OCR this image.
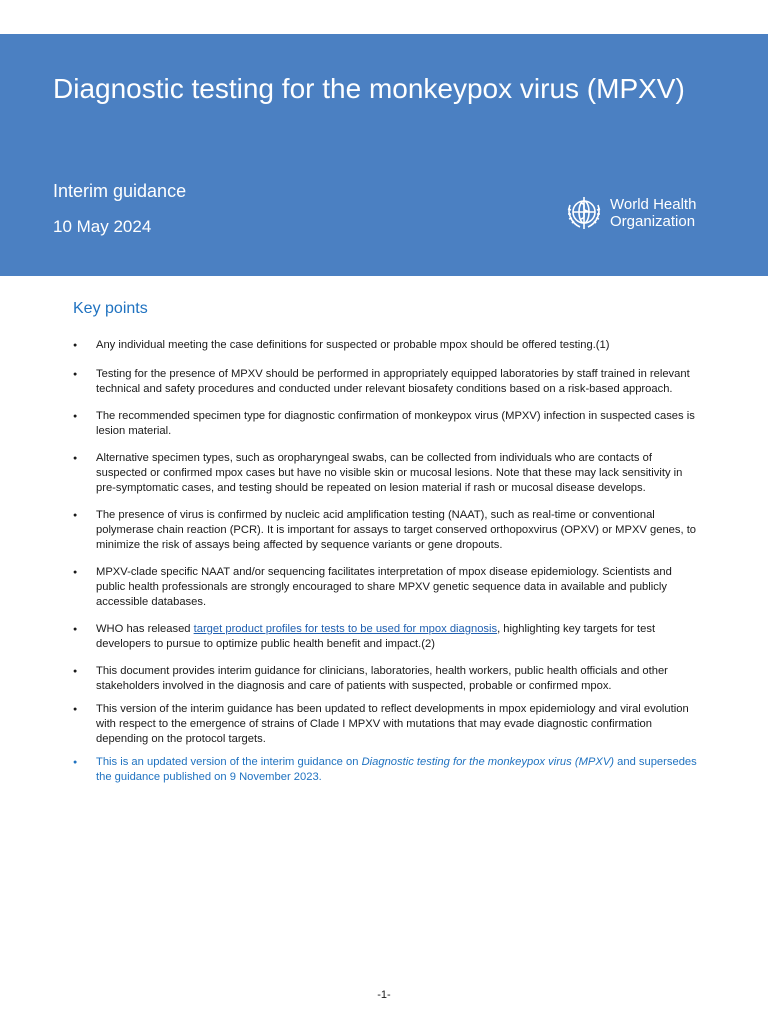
Diagnostic testing for the monkeypox virus (MPXV)
Interim guidance
10 May 2024
World Health
Organization
Key points
● Any individual meeting the case definitions for suspected or probable mpox should be offered testing.(1)
● Testing for the presence of MPXV should be performed in appropriately equipped laboratories by staff trained in relevant technical and safety procedures and conducted under relevant biosafety conditions based on a risk-based approach.
● The recommended specimen type for diagnostic confirmation of monkeypox virus (MPXV) infection in suspected cases is lesion material.
● Alternative specimen types, such as oropharyngeal swabs, can be collected from individuals who are contacts of suspected or confirmed mpox cases but have no visible skin or mucosal lesions. Note that these may lack sensitivity in pre-symptomatic cases, and testing should be repeated on lesion material if rash or mucosal disease develops.
● The presence of virus is confirmed by nucleic acid amplification testing (NAAT), such as real-time or conventional polymerase chain reaction (PCR). It is important for assays to target conserved orthopoxvirus (OPXV) or MPXV genes, to minimize the risk of assays being affected by sequence variants or gene dropouts.
● MPXV-clade specific NAAT and/or sequencing facilitates interpretation of mpox disease epidemiology. Scientists and public health professionals are strongly encouraged to share MPXV genetic sequence data in available and publicly accessible databases.
● WHO has released target product profiles for tests to be used for mpox diagnosis, highlighting key targets for test developers to pursue to optimize public health benefit and impact.(2)
● This document provides interim guidance for clinicians, laboratories, health workers, public health officials and other stakeholders involved in the diagnosis and care of patients with suspected, probable or confirmed mpox.
● This version of the interim guidance has been updated to reflect developments in mpox epidemiology and viral evolution with respect to the emergence of strains of Clade I MPXV with mutations that may evade diagnostic confirmation depending on the protocol targets.
● This is an updated version of the interim guidance on Diagnostic testing for the monkeypox virus (MPXV) and supersedes the guidance published on 9 November 2023.
-1-
